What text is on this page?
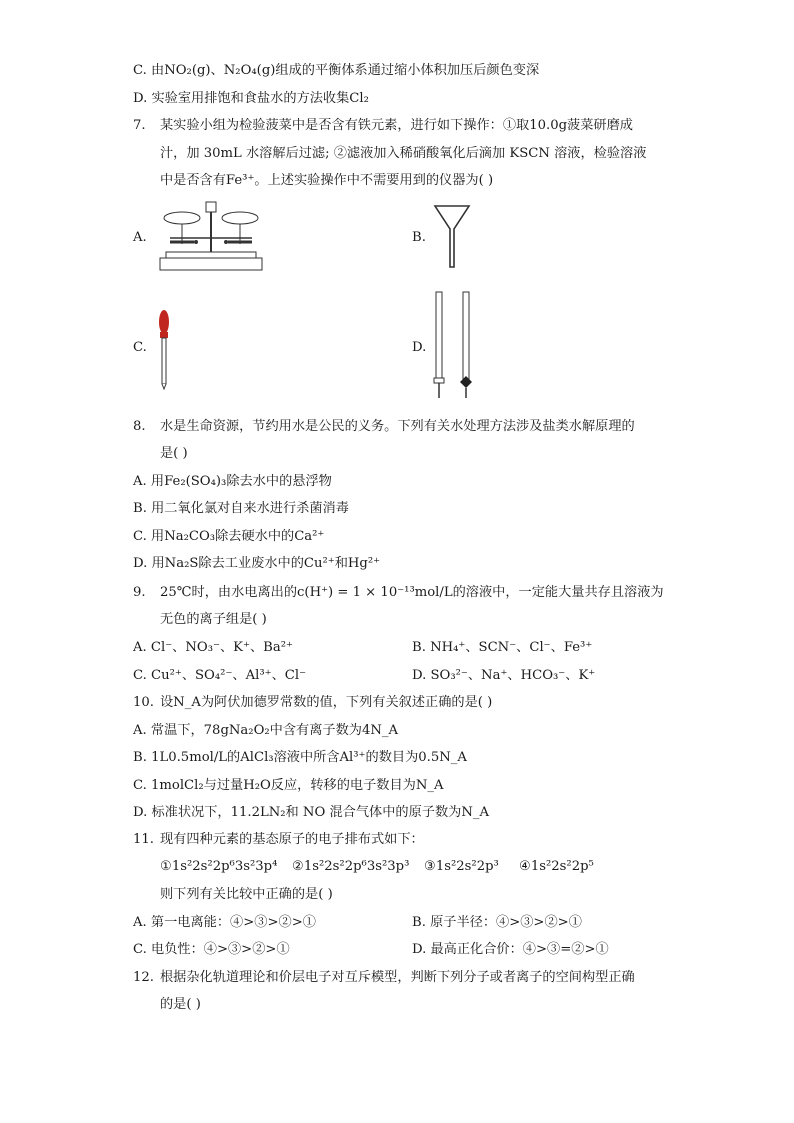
C. 由NO₂(g)、N₂O₄(g)组成的平衡体系通过缩小体积加压后颜色变深
D. 实验室用排饱和食盐水的方法收集Cl₂
7. 某实验小组为检验菠菜中是否含有铁元素，进行如下操作：①取10.0g菠菜研磨成
汁，加 30mL 水溶解后过滤; ②滤液加入稀硝酸氧化后滴加 KSCN 溶液，检验溶液
中是否含有Fe³⁺。上述实验操作中不需要用到的仪器为( )
A.	B.
C.	D.
8. 水是生命资源，节约用水是公民的义务。下列有关水处理方法涉及盐类水解原理的
是( )
A. 用Fe₂(SO₄)₃除去水中的悬浮物
B. 用二氧化氯对自来水进行杀菌消毒
C. 用Na₂CO₃除去硬水中的Ca²⁺
D. 用Na₂S除去工业废水中的Cu²⁺和Hg²⁺
9. 25℃时，由水电离出的c(H⁺) = 1 × 10⁻¹³mol/L的溶液中，一定能大量共存且溶液为
无色的离子组是( )
A. Cl⁻、NO₃⁻、K⁺、Ba²⁺	B. NH₄⁺、SCN⁻、Cl⁻、Fe³⁺
C. Cu²⁺、SO₄²⁻、Al³⁺、Cl⁻	D. SO₃²⁻、Na⁺、HCO₃⁻、K⁺
10. 设N_A为阿伏加德罗常数的值，下列有关叙述正确的是( )
A. 常温下，78gNa₂O₂中含有离子数为4N_A
B. 1L0.5mol/L的AlCl₃溶液中所含Al³⁺的数目为0.5N_A
C. 1molCl₂与过量H₂O反应，转移的电子数目为N_A
D. 标准状况下，11.2LN₂和 NO 混合气体中的原子数为N_A
11. 现有四种元素的基态原子的电子排布式如下：
①1s²2s²2p⁶3s²3p⁴ ②1s²2s²2p⁶3s²3p³ ③1s²2s²2p³ ④1s²2s²2p⁵
则下列有关比较中正确的是( )
A. 第一电离能：④>③>②>①	B. 原子半径：④>③>②>①
C. 电负性：④>③>②>①	D. 最高正化合价：④>③=②>①
12. 根据杂化轨道理论和价层电子对互斥模型，判断下列分子或者离子的空间构型正确
的是( )
